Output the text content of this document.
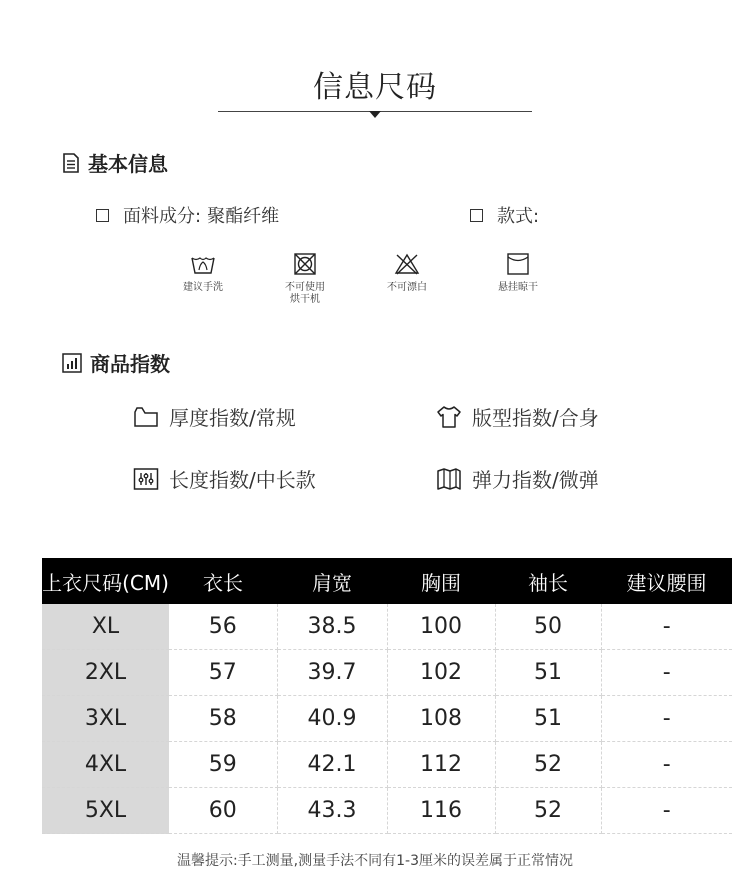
信息尺码
基本信息
面料成分: 聚酯纤维	款式:
建议手洗	不可使用
烘干机
不可漂白	悬挂晾干
商品指数
厚度指数/常规	版型指数/合身
长度指数/中长款	弹力指数/微弹
上衣尺码(CM)	衣长	肩宽	胸围	袖长	建议腰围
XL	56	38.5	100	50	-
2XL	57	39.7	102	51	-
3XL	58	40.9	108	51	-
4XL	59	42.1	112	52	-
5XL	60	43.3	116	52	-
温馨提示:手工测量,测量手法不同有1-3厘米的误差属于正常情况
